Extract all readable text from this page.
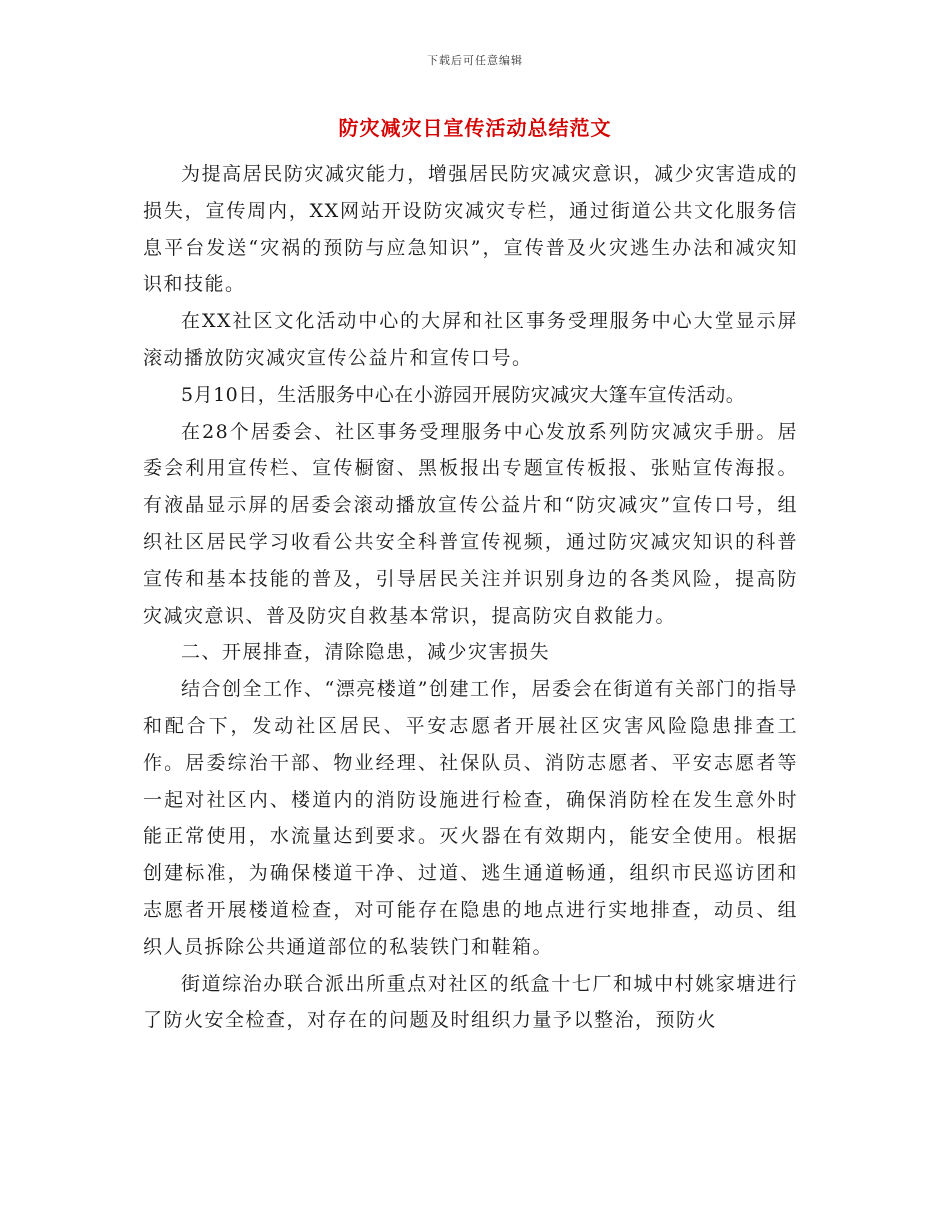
下载后可任意编辑
防灾减灾日宣传活动总结范文

为提高居民防灾减灾能力，增强居民防灾减灾意识，减少灾害造成的损失，宣传周内，XX网站开设防灾减灾专栏，通过街道公共文化服务信息平台发送“灾祸的预防与应急知识”，宣传普及火灾逃生办法和减灾知识和技能。

在XX社区文化活动中心的大屏和社区事务受理服务中心大堂显示屏滚动播放防灾减灾宣传公益片和宣传口号。

5月10日，生活服务中心在小游园开展防灾减灾大篷车宣传活动。

在28个居委会、社区事务受理服务中心发放系列防灾减灾手册。居委会利用宣传栏、宣传橱窗、黑板报出专题宣传板报、张贴宣传海报。有液晶显示屏的居委会滚动播放宣传公益片和“防灾减灾”宣传口号，组织社区居民学习收看公共安全科普宣传视频，通过防灾减灾知识的科普宣传和基本技能的普及，引导居民关注并识别身边的各类风险，提高防灾减灾意识、普及防灾自救基本常识，提高防灾自救能力。

二、开展排查，清除隐患，减少灾害损失

结合创全工作、“漂亮楼道”创建工作，居委会在街道有关部门的指导和配合下，发动社区居民、平安志愿者开展社区灾害风险隐患排查工作。居委综治干部、物业经理、社保队员、消防志愿者、平安志愿者等一起对社区内、楼道内的消防设施进行检查，确保消防栓在发生意外时能正常使用，水流量达到要求。灭火器在有效期内，能安全使用。根据创建标准，为确保楼道干净、过道、逃生通道畅通，组织市民巡访团和志愿者开展楼道检查，对可能存在隐患的地点进行实地排查，动员、组织人员拆除公共通道部位的私装铁门和鞋箱。

街道综治办联合派出所重点对社区的纸盒十七厂和城中村姚家塘进行了防火安全检查，对存在的问题及时组织力量予以整治，预防火
